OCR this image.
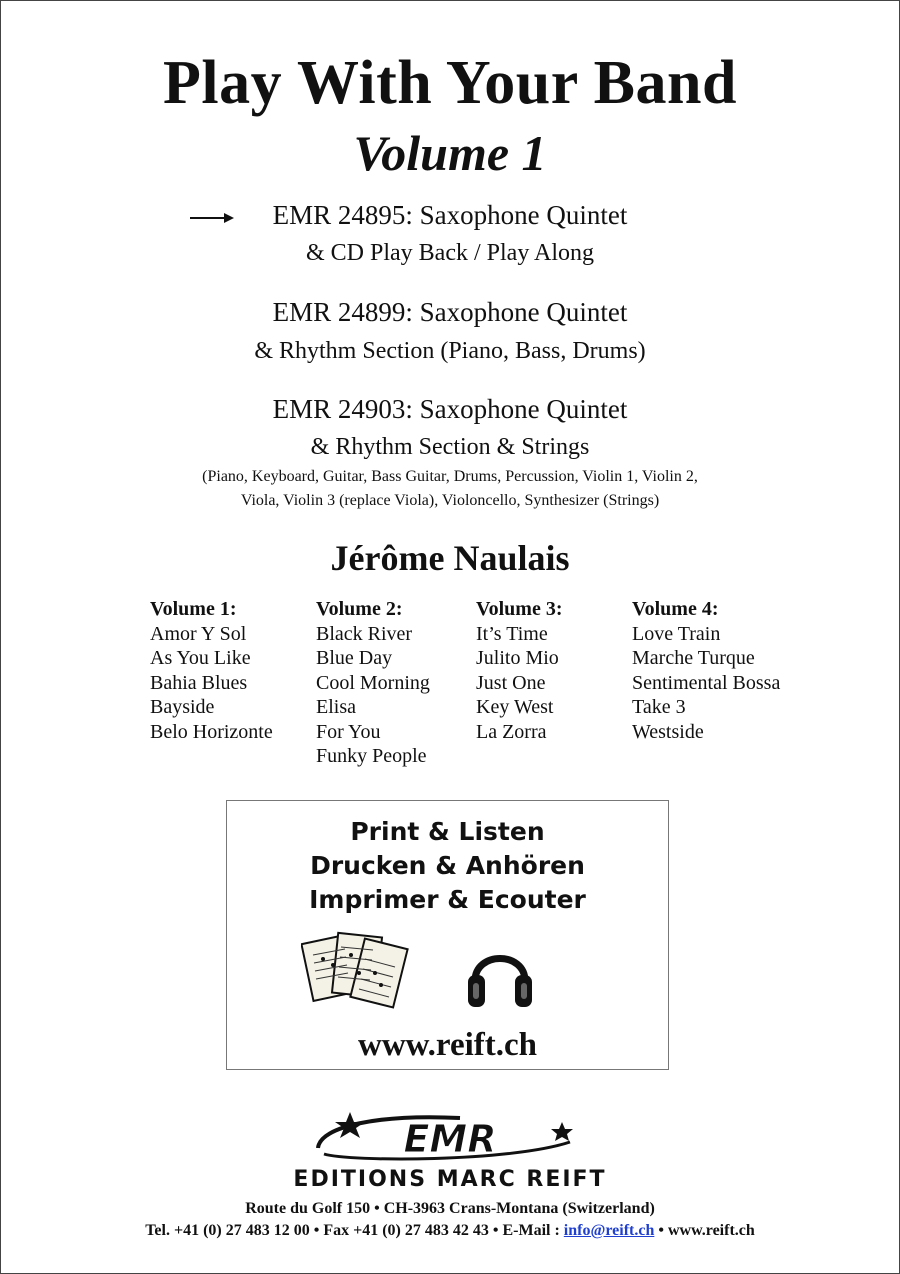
Play With Your Band
Volume 1
EMR 24895: Saxophone Quintet
& CD Play Back / Play Along
EMR 24899: Saxophone Quintet
& Rhythm Section (Piano, Bass, Drums)
EMR 24903: Saxophone Quintet
& Rhythm Section & Strings
(Piano, Keyboard, Guitar, Bass Guitar, Drums, Percussion, Violin 1, Violin 2,
Viola, Violin 3 (replace Viola), Violoncello, Synthesizer (Strings)
Jérôme Naulais
Volume 1:
Amor Y Sol
As You Like
Bahia Blues
Bayside
Belo Horizonte
Volume 2:
Black River
Blue Day
Cool Morning
Elisa
For You
Funky People
Volume 3:
It’s Time
Julito Mio
Just One
Key West
La Zorra
Volume 4:
Love Train
Marche Turque
Sentimental Bossa
Take 3
Westside
Print & Listen
Drucken & Anhören
Imprimer & Ecouter
www.reift.ch
EMR
EDITIONS MARC REIFT
Route du Golf 150 • CH-3963 Crans-Montana (Switzerland)
Tel. +41 (0) 27 483 12 00 • Fax +41 (0) 27 483 42 43 • E-Mail : info@reift.ch • www.reift.ch
